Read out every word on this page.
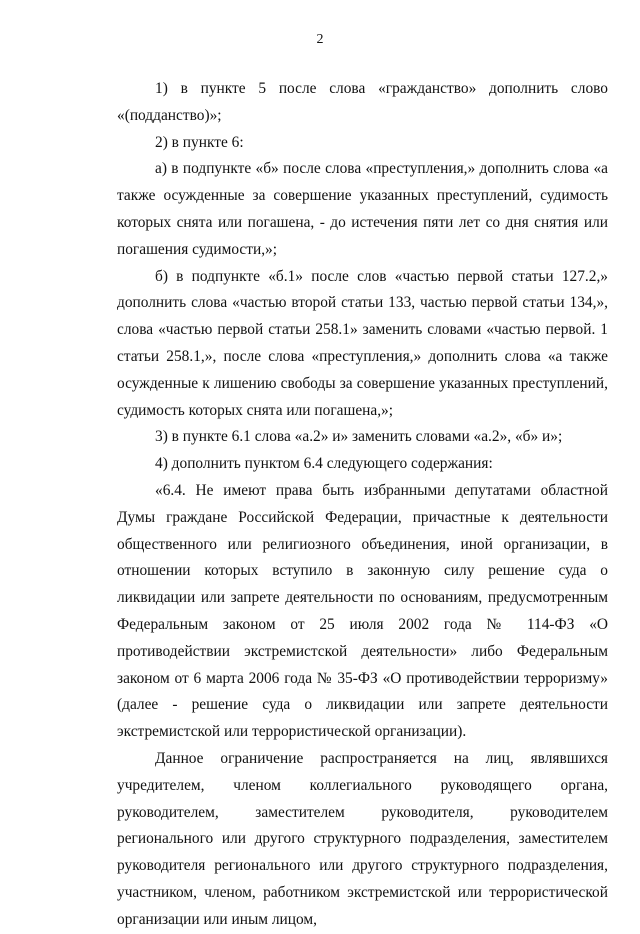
2

1) в пункте 5 после слова «гражданство» дополнить слово «(подданство)»;

2) в пункте 6:

а) в подпункте «б» после слова «преступления,» дополнить слова «а также осужденные за совершение указанных преступлений, судимость которых снята или погашена, - до истечения пяти лет со дня снятия или погашения судимости,»;

б) в подпункте «б.1» после слов «частью первой статьи 127.2,» дополнить слова «частью второй статьи 133, частью первой статьи 134,», слова «частью первой статьи 258.1» заменить словами «частью первой. 1 статьи 258.1,», после слова «преступления,» дополнить слова «а также осужденные к лишению свободы за совершение указанных преступлений, судимость которых снята или погашена,»;

3) в пункте 6.1 слова «а.2» и» заменить словами «а.2», «б» и»;

4) дополнить пунктом 6.4 следующего содержания:

«6.4. Не имеют права быть избранными депутатами областной Думы граждане Российской Федерации, причастные к деятельности общественного или религиозного объединения, иной организации, в отношении которых вступило в законную силу решение суда о ликвидации или запрете деятельности по основаниям, предусмотренным Федеральным законом от 25 июля 2002 года № 114-ФЗ «О противодействии экстремистской деятельности» либо Федеральным законом от 6 марта 2006 года № 35-ФЗ «О противодействии терроризму» (далее - решение суда о ликвидации или запрете деятельности экстремистской или террористической организации).

Данное ограничение распространяется на лиц, являвшихся учредителем, членом коллегиального руководящего органа, руководителем, заместителем руководителя, руководителем регионального или другого структурного подразделения, заместителем руководителя регионального или другого структурного подразделения, участником, членом, работником экстремистской или террористической организации или иным лицом,
